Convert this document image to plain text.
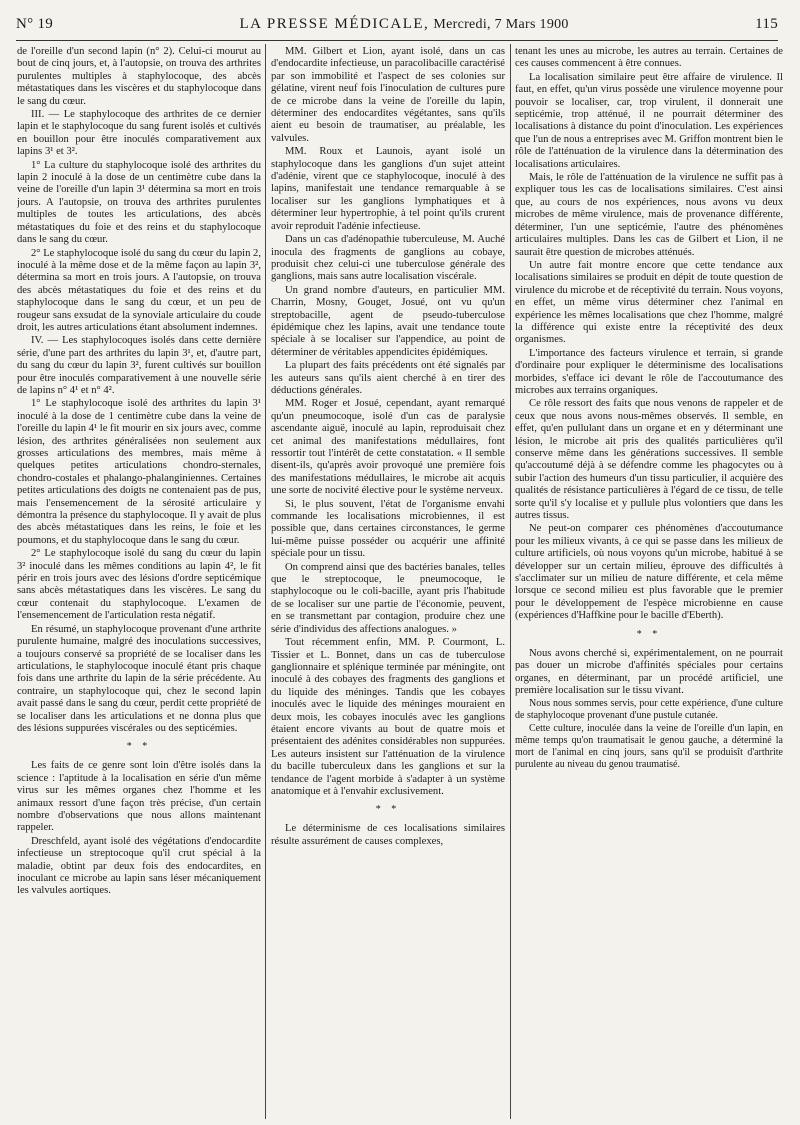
N° 19	LA PRESSE MÉDICALE, Mercredi, 7 Mars 1900	115

de l'oreille d'un second lapin (n° 2). Celui-ci mourut au bout de cinq jours, et, à l'autopsie, on trouva des arthrites purulentes multiples à staphylocoque, des abcès métastatiques dans les viscères et du staphylocoque dans le sang du cœur.

III. — Le staphylocoque des arthrites de ce dernier lapin et le staphylocoque du sang furent isolés et cultivés en bouillon pour être inoculés comparativement aux lapins 3¹ et 3².

1° La culture du staphylocoque isolé des arthrites du lapin 2 inoculé à la dose de un centimètre cube dans la veine de l'oreille d'un lapin 3¹ détermina sa mort en trois jours. A l'autopsie, on trouva des arthrites purulentes multiples de toutes les articulations, des abcès métastatiques du foie et des reins et du staphylocoque dans le sang du cœur.

2° Le staphylocoque isolé du sang du cœur du lapin 2, inoculé à la même dose et de la même façon au lapin 3², détermina sa mort en trois jours. A l'autopsie, on trouva des abcès métastatiques du foie et des reins et du staphylocoque dans le sang du cœur, et un peu de rougeur sans exsudat de la synoviale articulaire du coude droit, les autres articulations étant absolument indemnes.

IV. — Les staphylocoques isolés dans cette dernière série, d'une part des arthrites du lapin 3¹, et, d'autre part, du sang du cœur du lapin 3², furent cultivés sur bouillon pour être inoculés comparativement à une nouvelle série de lapins n° 4¹ et n° 4².

1° Le staphylocoque isolé des arthrites du lapin 3¹ inoculé à la dose de 1 centimètre cube dans la veine de l'oreille du lapin 4¹ le fit mourir en six jours avec, comme lésion, des arthrites généralisées non seulement aux grosses articulations des membres, mais même à quelques petites articulations chondro-sternales, chondro-costales et phalango-phalanginiennes. Certaines petites articulations des doigts ne contenaient pas de pus, mais l'ensemencement de la sérosité articulaire y démontra la présence du staphylocoque. Il y avait de plus des abcès métastatiques dans les reins, le foie et les poumons, et du staphylocoque dans le sang du cœur.

2° Le staphylocoque isolé du sang du cœur du lapin 3² inoculé dans les mêmes conditions au lapin 4², le fit périr en trois jours avec des lésions d'ordre septicémique sans abcès métastatiques dans les viscères. Le sang du cœur contenait du staphylocoque. L'examen de l'ensemencement de l'articulation resta négatif.

En résumé, un staphylocoque provenant d'une arthrite purulente humaine, malgré des inoculations successives, a toujours conservé sa propriété de se localiser dans les articulations, le staphylocoque inoculé étant pris chaque fois dans une arthrite du lapin de la série précédente. Au contraire, un staphylocoque qui, chez le second lapin avait passé dans le sang du cœur, perdit cette propriété de se localiser dans les articulations et ne donna plus que des lésions suppurées viscérales ou des septicémies.

* *

Les faits de ce genre sont loin d'être isolés dans la science : l'aptitude à la localisation en série d'un même virus sur les mêmes organes chez l'homme et les animaux ressort d'une façon très précise, d'un certain nombre d'observations que nous allons maintenant rappeler.

Dreschfeld, ayant isolé des végétations d'endocardite infectieuse un streptocoque qu'il crut spécial à la maladie, obtint par deux fois des endocardites, en inoculant ce microbe au lapin sans léser mécaniquement les valvules aortiques.

MM. Gilbert et Lion, ayant isolé, dans un cas d'endocardite infectieuse, un paracolibacille caractérisé par son immobilité et l'aspect de ses colonies sur gélatine, virent neuf fois l'inoculation de cultures pure de ce microbe dans la veine de l'oreille du lapin, déterminer des endocardites végétantes, sans qu'ils aient eu besoin de traumatiser, au préalable, les valvules.

MM. Roux et Launois, ayant isolé un staphylocoque dans les ganglions d'un sujet atteint d'adénie, virent que ce staphylocoque, inoculé à des lapins, manifestait une tendance remarquable à se localiser sur les ganglions lymphatiques et à déterminer leur hypertrophie, à tel point qu'ils crurent avoir reproduit l'adénie infectieuse.

Dans un cas d'adénopathie tuberculeuse, M. Auché inocula des fragments de ganglions au cobaye, produisit chez celui-ci une tuberculose générale des ganglions, mais sans autre localisation viscérale.

Un grand nombre d'auteurs, en particulier MM. Charrin, Mosny, Gouget, Josué, ont vu qu'un streptobacille, agent de pseudo-tuberculose épidémique chez les lapins, avait une tendance toute spéciale à se localiser sur l'appendice, au point de déterminer de véritables appendicites épidémiques.

La plupart des faits précédents ont été signalés par les auteurs sans qu'ils aient cherché à en tirer des déductions générales.

MM. Roger et Josué, cependant, ayant remarqué qu'un pneumocoque, isolé d'un cas de paralysie ascendante aiguë, inoculé au lapin, reproduisait chez cet animal des manifestations médullaires, font ressortir tout l'intérêt de cette constatation. « Il semble disent-ils, qu'après avoir provoqué une première fois des manifestations médullaires, le microbe ait acquis une sorte de nocivité élective pour le système nerveux.

Si, le plus souvent, l'état de l'organisme envahi commande les localisations microbiennes, il est possible que, dans certaines circonstances, le germe lui-même puisse posséder ou acquérir une affinité spéciale pour un tissu.

On comprend ainsi que des bactéries banales, telles que le streptocoque, le pneumocoque, le staphylocoque ou le coli-bacille, ayant pris l'habitude de se localiser sur une partie de l'économie, peuvent, en se transmettant par contagion, produire chez une série d'individus des affections analogues. »

Tout récemment enfin, MM. P. Courmont, L. Tissier et L. Bonnet, dans un cas de tuberculose ganglionnaire et splénique terminée par méningite, ont inoculé à des cobayes des fragments des ganglions et du liquide des méninges. Tandis que les cobayes inoculés avec le liquide des méninges mouraient en deux mois, les cobayes inoculés avec les ganglions étaient encore vivants au bout de quatre mois et présentaient des adénites considérables non suppurées. Les auteurs insistent sur l'atténuation de la virulence du bacille tuberculeux dans les ganglions et sur la tendance de l'agent morbide à s'adapter à un système anatomique et à l'envahir exclusivement.

* *

Le déterminisme de ces localisations similaires résulte assurément de causes complexes,

tenant les unes au microbe, les autres au terrain. Certaines de ces causes commencent à être connues.

La localisation similaire peut être affaire de virulence. Il faut, en effet, qu'un virus possède une virulence moyenne pour pouvoir se localiser, car, trop virulent, il donnerait une septicémie, trop atténué, il ne pourrait déterminer des localisations à distance du point d'inoculation. Les expériences que l'un de nous a entreprises avec M. Griffon montrent bien le rôle de l'atténuation de la virulence dans la détermination des localisations articulaires.

Mais, le rôle de l'atténuation de la virulence ne suffit pas à expliquer tous les cas de localisations similaires. C'est ainsi que, au cours de nos expériences, nous avons vu deux microbes de même virulence, mais de provenance différente, déterminer, l'un une septicémie, l'autre des phénomènes articulaires multiples. Dans les cas de Gilbert et Lion, il ne saurait être question de microbes atténués.

Un autre fait montre encore que cette tendance aux localisations similaires se produit en dépit de toute question de virulence du microbe et de réceptivité du terrain. Nous voyons, en effet, un même virus déterminer chez l'animal en expérience les mêmes localisations que chez l'homme, malgré la différence qui existe entre la réceptivité des deux organismes.

L'importance des facteurs virulence et terrain, si grande d'ordinaire pour expliquer le déterminisme des localisations morbides, s'efface ici devant le rôle de l'accoutumance des microbes aux terrains organiques.

Ce rôle ressort des faits que nous venons de rappeler et de ceux que nous avons nous-mêmes observés. Il semble, en effet, qu'en pullulant dans un organe et en y déterminant une lésion, le microbe ait pris des qualités particulières qu'il conserve même dans les générations successives. Il semble qu'accoutumé déjà à se défendre comme les phagocytes ou à subir l'action des humeurs d'un tissu particulier, il acquière des qualités de résistance particulières à l'égard de ce tissu, de telle sorte qu'il s'y localise et y pullule plus volontiers que dans les autres tissus.

Ne peut-on comparer ces phénomènes d'accoutumance pour les milieux vivants, à ce qui se passe dans les milieux de culture artificiels, où nous voyons qu'un microbe, habitué à se développer sur un certain milieu, éprouve des difficultés à s'acclimater sur un milieu de nature différente, et cela même lorsque ce second milieu est plus favorable que le premier pour le développement de l'espèce microbienne en cause (expériences d'Haffkine pour le bacille d'Eberth).

* *

Nous avons cherché si, expérimentalement, on ne pourrait pas douer un microbe d'affinités spéciales pour certains organes, en déterminant, par un procédé artificiel, une première localisation sur le tissu vivant.

Nous nous sommes servis, pour cette expérience, d'une culture de staphylocoque provenant d'une pustule cutanée.

Cette culture, inoculée dans la veine de l'oreille d'un lapin, en même temps qu'on traumatisait le genou gauche, a déterminé la mort de l'animal en cinq jours, sans qu'il se produisît d'arthrite purulente au niveau du genou traumatisé.
